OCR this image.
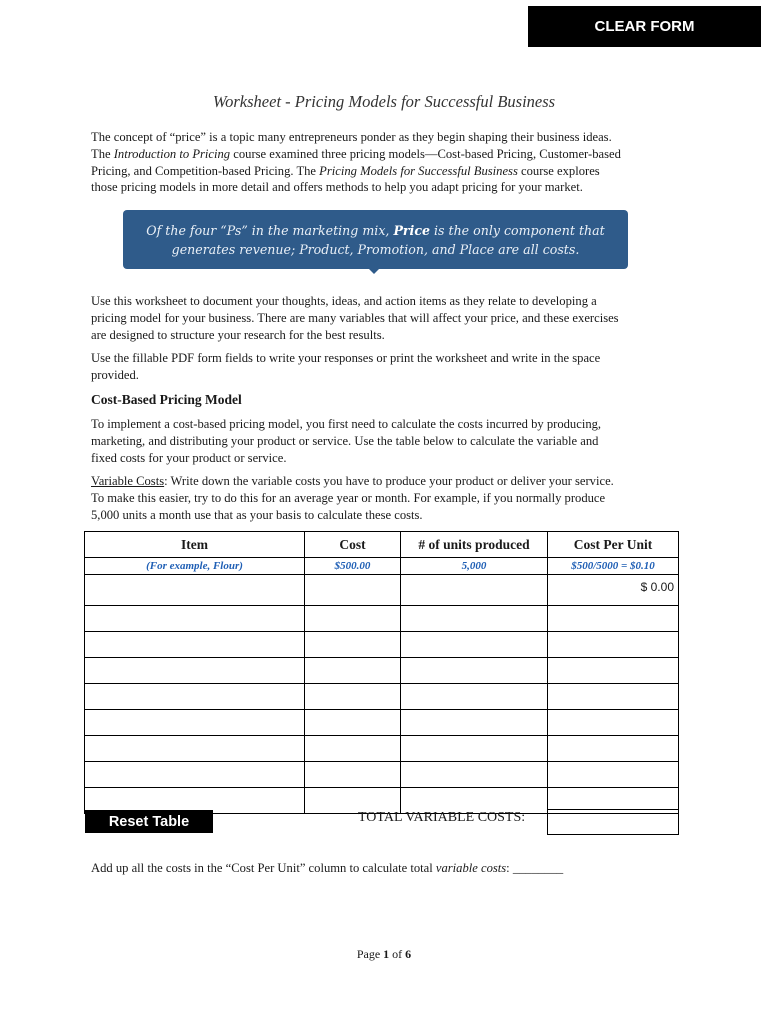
CLEAR FORM
Worksheet - Pricing Models for Successful Business
The concept of “price” is a topic many entrepreneurs ponder as they begin shaping their business ideas.
The Introduction to Pricing course examined three pricing models—Cost-based Pricing, Customer-based
Pricing, and Competition-based Pricing. The Pricing Models for Successful Business course explores
those pricing models in more detail and offers methods to help you adapt pricing for your market.
Of the four “Ps” in the marketing mix, Price is the only component that
generates revenue; Product, Promotion, and Place are all costs.
Use this worksheet to document your thoughts, ideas, and action items as they relate to developing a
pricing model for your business. There are many variables that will affect your price, and these exercises
are designed to structure your research for the best results.
Use the fillable PDF form fields to write your responses or print the worksheet and write in the space
provided.
Cost-Based Pricing Model
To implement a cost-based pricing model, you first need to calculate the costs incurred by producing,
marketing, and distributing your product or service. Use the table below to calculate the variable and
fixed costs for your product or service.
Variable Costs: Write down the variable costs you have to produce your product or deliver your service.
To make this easier, try to do this for an average year or month. For example, if you normally produce
5,000 units a month use that as your basis to calculate these costs.
Item	Cost	# of units produced	Cost Per Unit
(For example, Flour)	$500.00	5,000	$500/5000 = $0.10
			$ 0.00

Reset Table	TOTAL VARIABLE COSTS:
Add up all the costs in the “Cost Per Unit” column to calculate total variable costs: ________
Page 1 of 6
